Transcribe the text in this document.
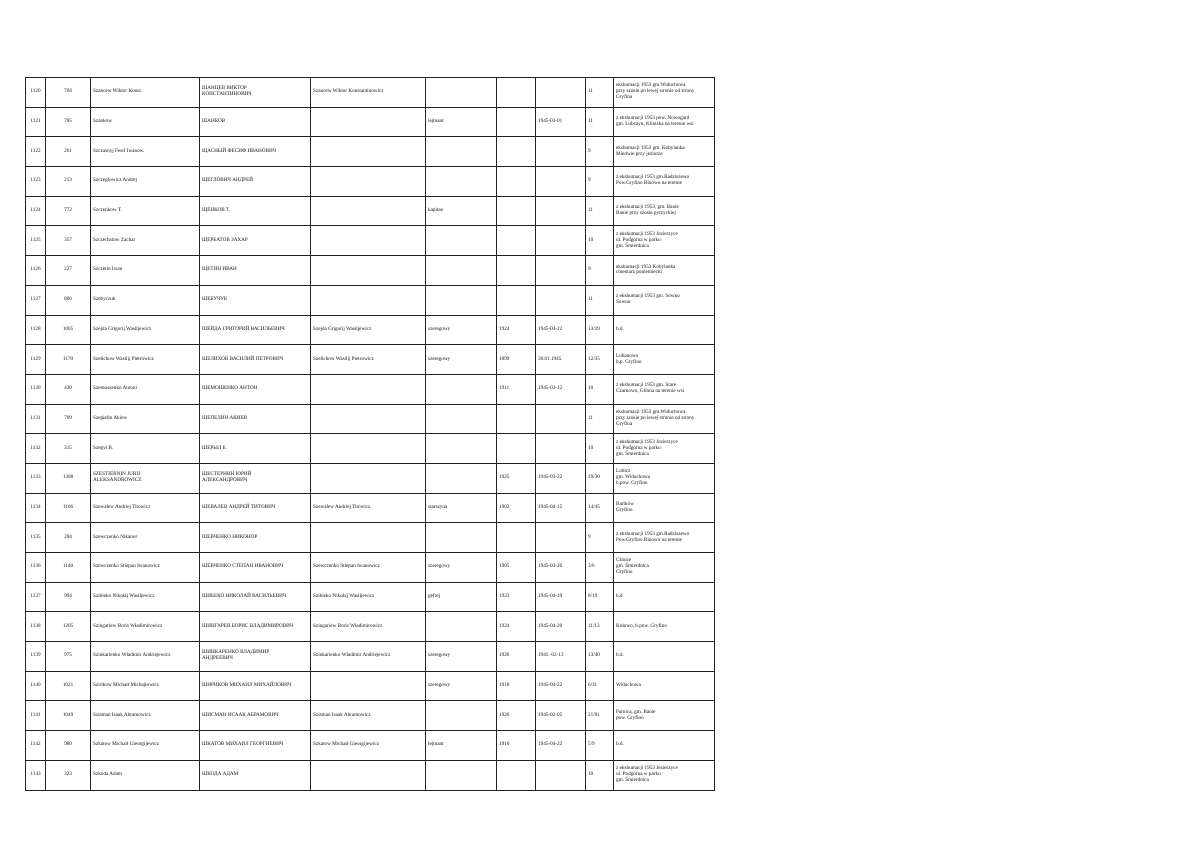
1120	704	Szancew Wiktor Konst.	ШАНЦЕВ ВИКТОР
КОНСТАНТИНОВИЧ	Szancew Wiktor Konstantinowicz				11	ekshumacji 1953 gm.Widuchowa
przy szosie po lewej stronie od strony
Gryfina
1121	785	Szankow	ШАНКОВ		lejtnant		1945-03-01	11	z ekshumacji 1953 pow. Nowogard
gm. Lubczyn, Kliniska na terenie wsi
1122	261	Szczasnyj Fesif Iwanow.	ЩАСНЫЙ ФЕСИФ ИВАНОВИЧ					9	ekshumacji 1953 gm. Kobylanka
Miedwie przy jeziorze
1123	213	Szczeglowicz Andrej	ЩЕГЛОВИЧ АНДРЕЙ					9	z ekshumacji 1953 gm.Radziszewo
Pow.Gryfino Binowo na terenie
1124	772	Szczenkow T.	ЩЕНКОВ Т.		kapitan			11	z ekshumacji 1953, gm. Banie
Banie przy szosie pyrzyckiej
1125	357	Szczerbatow Zachar	ЩЕРБАТОВ ЗАХАР					10	z ekshumacji 1953 Jezierzyce
ul. Podgórna w parku
gm. Śmierdnica
1126	227	Szczetin Iwan	ЩЕТИН ИВАН					9	ekshumacji 1953 Kobylanka
cmentarz poniemiecki
1127	806	Szebyczuk	ШЕБУЧУК					11	z ekshumacji 1953 gm. Sowno
Sowno
1128	1005	Szejda Grigorij Wasiljewicz	ШЕЙДА ГРИГОРИЙ ВАСИЛЬЕВИЧ	Szejda Grigorij Wasiljewicz	szeregowy	1924	1945-04-22	13/39	b.d.
1129	1170	Szelichow Wasilij Pietrowicz	ШЕЛИХОВ ВАСИЛИЙ ПЕТРОВИЧ	Szelichow Wasilij Pietrowicz	szeregowy	1899	30.01.1945	12/35	Lubanowo
b.p. Gryfino
1130	430	Szemoszenko Antoni	ШЕМОШЕНКО АНТОН			1911	1945-03-12	10	z ekshumacji 1953 gm. Stare
Czarnowo, Glinna na terenie wsi
1131	709	Szepielin Akiew	ШЕПЕЛИН АКИЕВ					11	ekshumacji 1953 gm.Widuchowa
przy szosie po lewej stronie od strony
Gryfina
1132	315	Szepyl B.	ШЕРЫЛ Б.					10	z ekshumacji 1953 Jezierzyce
ul. Podgórna w parku
gm. Śmierdnica
1133	1308	SZESTIERNIN JURIJ
ALEKSANDROWICZ	ШЕСТЕРНИН ЮРИЙ
АЛЕКСАНДРОВИЧ			1925	1945-03-22	29/30	Lubicz
gm. Widuchowa
b.pow. Gryfino
1134	1166	Szewalew Andriej Titowicz	ШЕВАЛЕВ АНДРЕЙ ТИТОВИЧ	Szewalew Andriej Titowicz	starszyna	1902	1945-04-15	14/45	Bartków
Gryfino
1135	204	Szewczenko Nikanor	ШЕВЧЕНКО НИКОНОР					9	z ekshumacji 1953 gm.Radziszewo
Pow.Gryfino Binowo na terenie
1136	1140	Szewczenko Stiepan Iwanowicz	ШЕВЧЕНКО СТЕПАН ИВАНОВИЧ	Szewczenko Stiepan Iwanowicz	szeregowy	1905	1945-03-20	3/6	Glinice
gm. Śmierdnica
Gryfino
1137	994	Szibieko Nikołaj Wasiljewicz	ШИБЕКО НИКОЛАЙ ВАСИЛЬЕВИЧ	Szibieko Nikołaj Wasiljewicz	gefrej	1923	1945-04-19	8/19	b.d
1138	1205	Szingariew Boris Władimirowicz	ШИНГАРЕВ БОРИС ВЛАДИМИРОВИЧ	Szingariew Boris Władimirowicz		1924	1945-04-20	11/13	Kołowo, b.pow. Gryfino
1139	975	Szinkarienko Władimir Andriejewicz	ШИНКАРЕНКО ВЛАДИМИР
АНДРЕЕВИЧ	Szinkarienko Władimir Andriejewicz	szeregowy	1926	1945 -02-13	13/40	b.d.
1140	1021	Szirikow Michaił Michajłowicz	ШИРИКОВ МИХАИЛ МИХАЙЛОВИЧ		szeregowy	1918	1945-04-22	6/11	Widuchowa
1141	1049	Szisman Isaak Abramowicz	ШИСМАН ИСААК АБРАМОВИЧ	Szisman Isaak Abramowicz		1926	1945-02-05	21/81	Parnica, gm. Banie
pow. Gryfino
1142	980	Szkatow Michaił Gieorgijewicz	ШКАТОВ МИХАИЛ ГЕОРГИЕВИЧ	Szkatow Michaił Gieorgijewicz	lejtnant	1910	1945-04-22	5/9	b.d.
1143	323	Szkoda Adam	ШКОДА АДАМ					10	z ekshumacji 1953 Jezierzyce
ul. Podgórna w parku
gm. Śmierdnica
